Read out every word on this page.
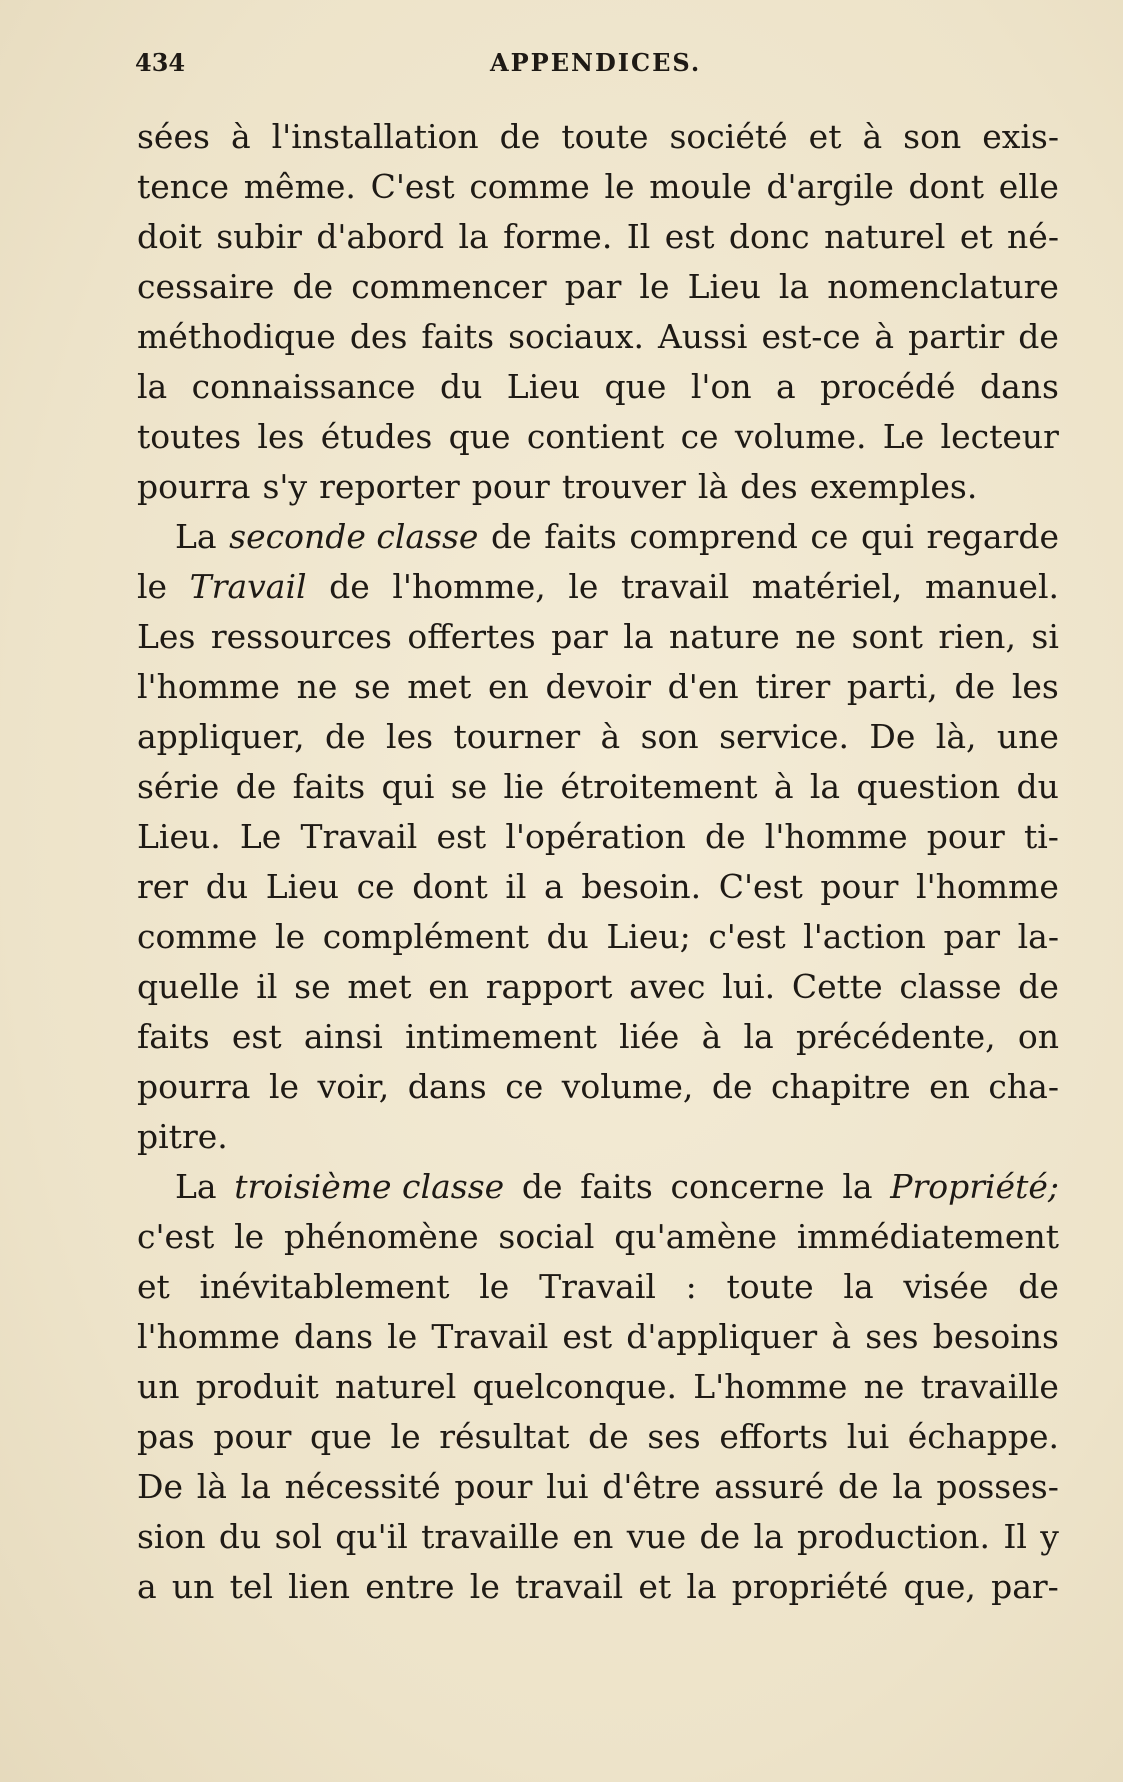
434	APPENDICES.
sées à l'installation de toute société et à son exis-
tence même. C'est comme le moule d'argile dont elle
doit subir d'abord la forme. Il est donc naturel et né-
cessaire de commencer par le Lieu la nomenclature
méthodique des faits sociaux. Aussi est-ce à partir de
la connaissance du Lieu que l'on a procédé dans
toutes les études que contient ce volume. Le lecteur
pourra s'y reporter pour trouver là des exemples.
La seconde classe de faits comprend ce qui regarde
le Travail de l'homme, le travail matériel, manuel.
Les ressources offertes par la nature ne sont rien, si
l'homme ne se met en devoir d'en tirer parti, de les
appliquer, de les tourner à son service. De là, une
série de faits qui se lie étroitement à la question du
Lieu. Le Travail est l'opération de l'homme pour ti-
rer du Lieu ce dont il a besoin. C'est pour l'homme
comme le complément du Lieu; c'est l'action par la-
quelle il se met en rapport avec lui. Cette classe de
faits est ainsi intimement liée à la précédente, on
pourra le voir, dans ce volume, de chapitre en cha-
pitre.
La troisième classe de faits concerne la Propriété;
c'est le phénomène social qu'amène immédiatement
et inévitablement le Travail : toute la visée de
l'homme dans le Travail est d'appliquer à ses besoins
un produit naturel quelconque. L'homme ne travaille
pas pour que le résultat de ses efforts lui échappe.
De là la nécessité pour lui d'être assuré de la posses-
sion du sol qu'il travaille en vue de la production. Il y
a un tel lien entre le travail et la propriété que, par-
